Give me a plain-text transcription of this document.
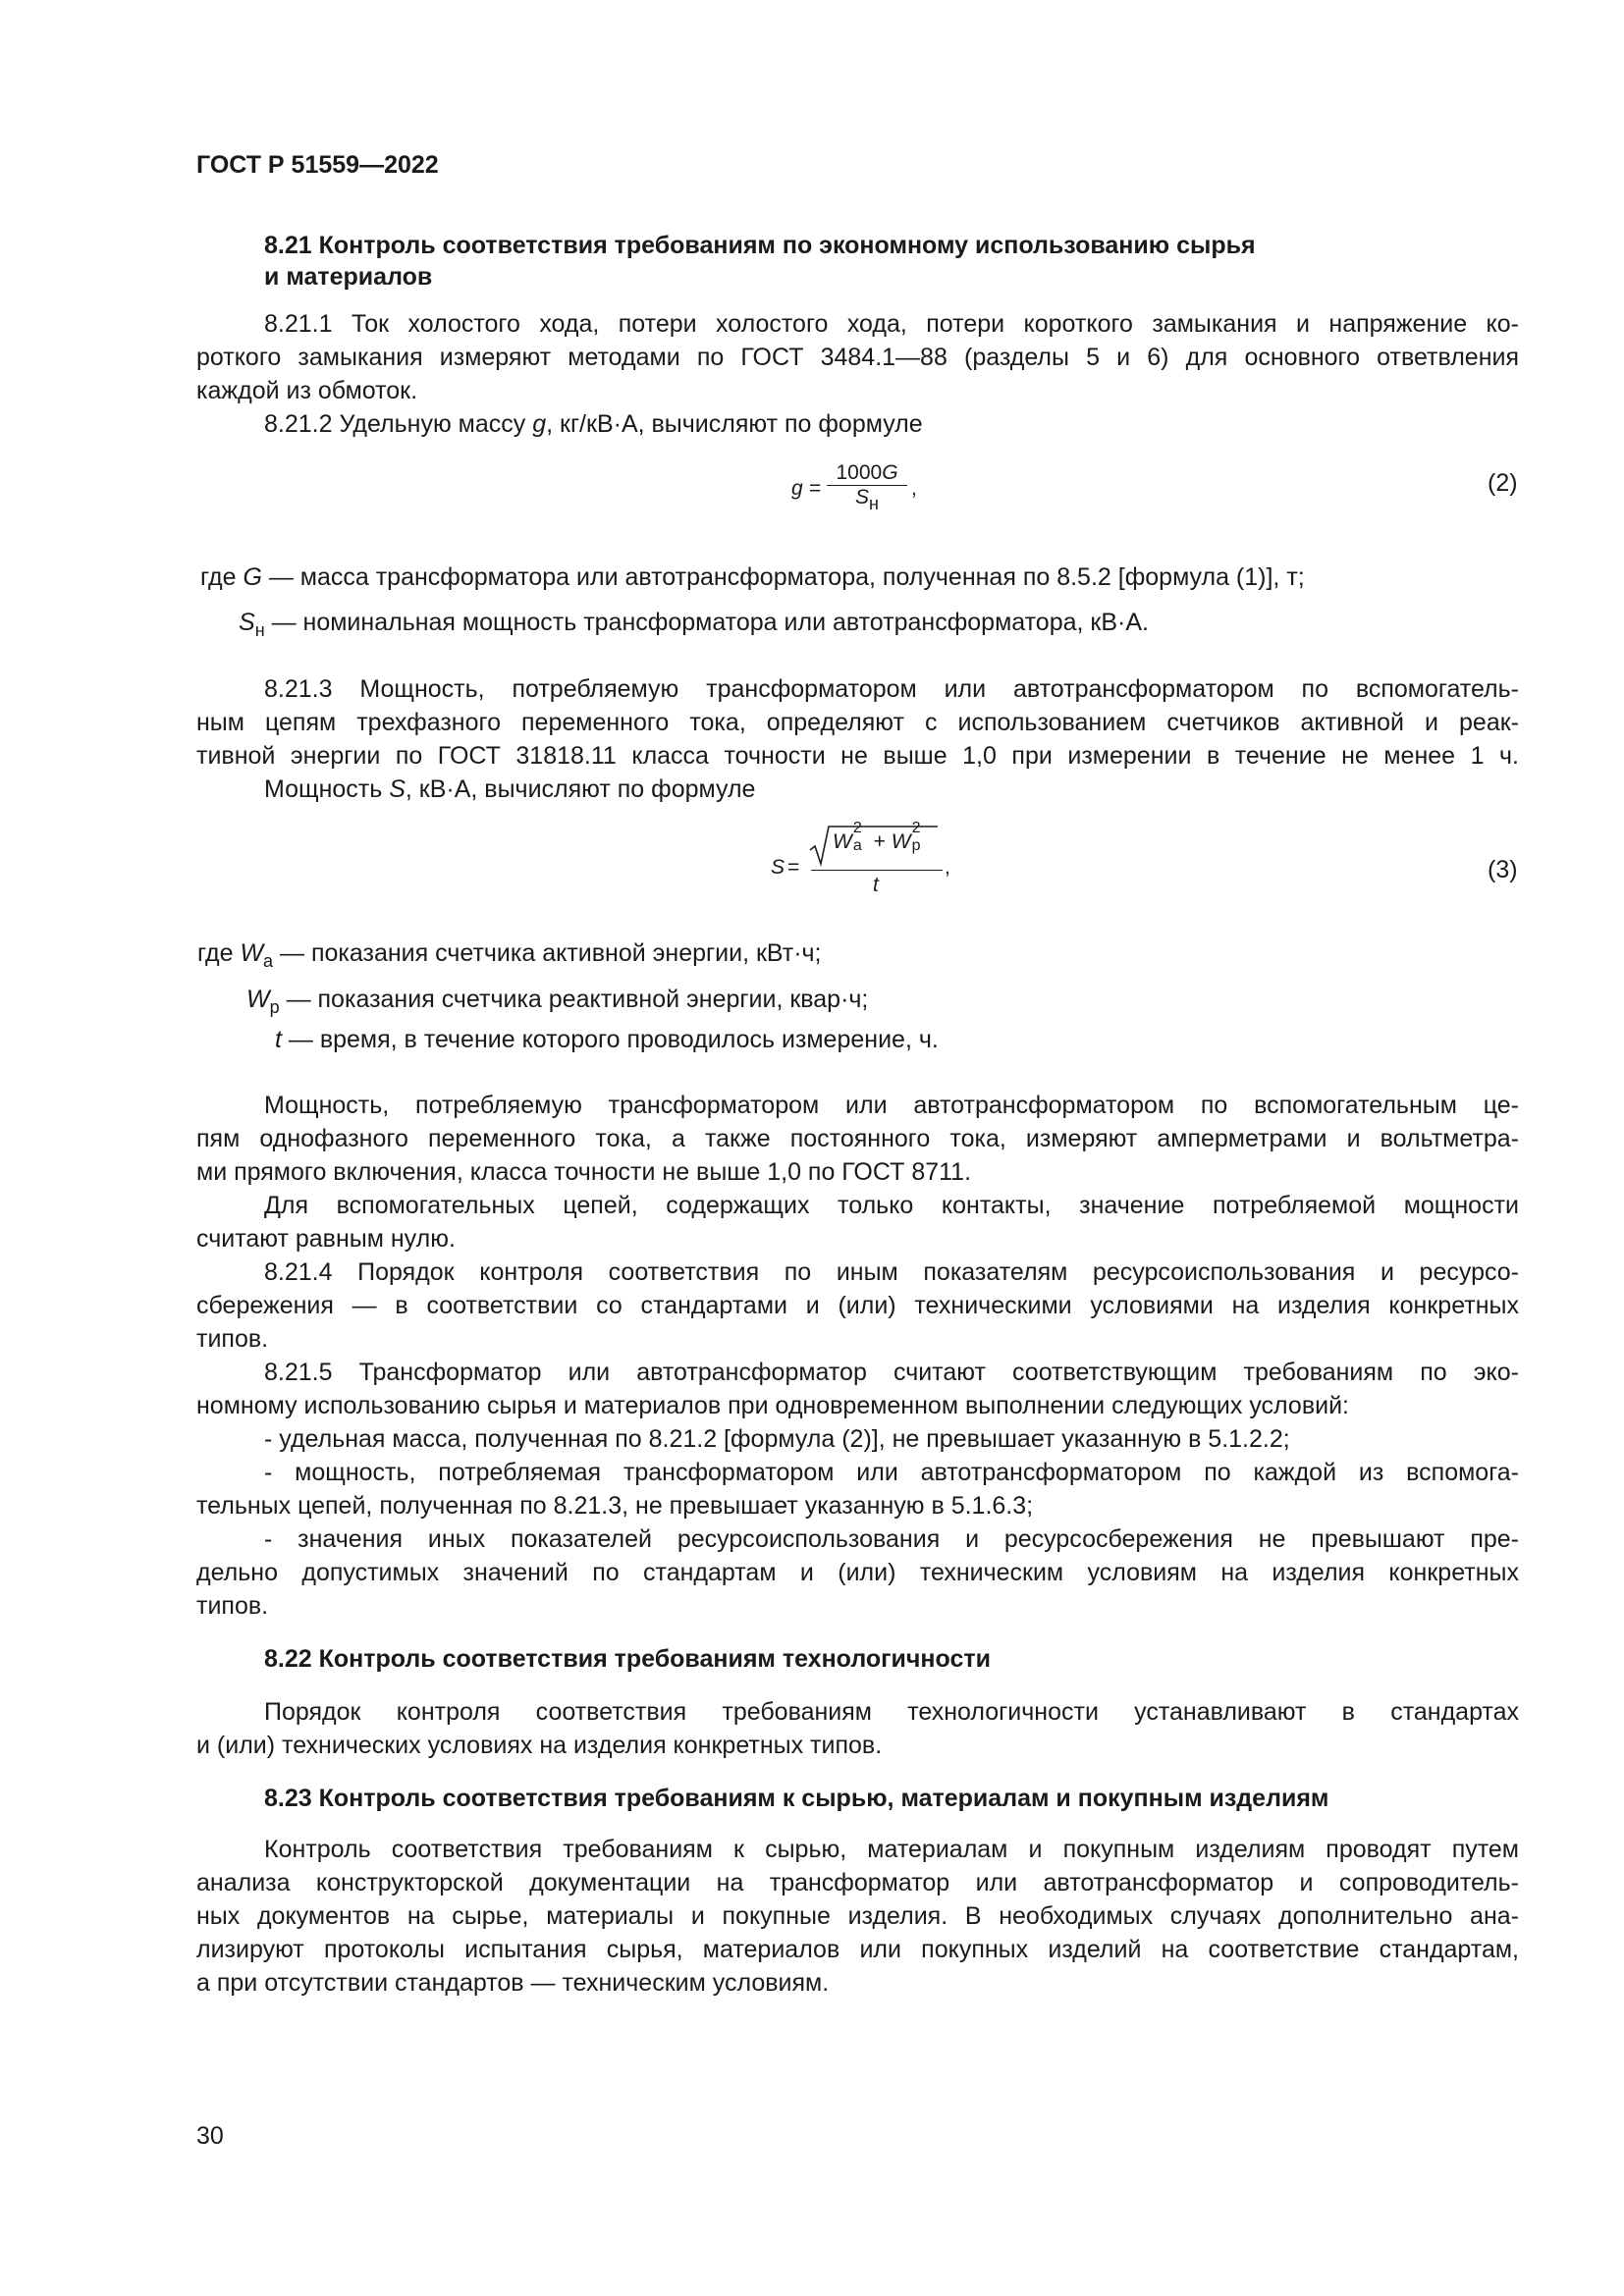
ГОСТ Р 51559—2022
8.21 Контроль соответствия требованиям по экономному использованию сырья
и материалов
8.21.1 Ток холостого хода, потери холостого хода, потери короткого замыкания и напряжение ко-
роткого замыкания измеряют методами по ГОСТ 3484.1—88 (разделы 5 и 6) для основного ответвления
каждой из обмоток.
8.21.2 Удельную массу g, кг/кВ·А, вычисляют по формуле
g =
1000G
$S_н$
,	(2)
где G — масса трансформатора или автотрансформатора, полученная по 8.5.2 [формула (1)], т;
$S_н$ — номинальная мощность трансформатора или автотрансформатора, кВ·А.
8.21.3 Мощность, потребляемую трансформатором или автотрансформатором по вспомогатель-
ным цепям трехфазного переменного тока, определяют с использованием счетчиков активной и реак-
тивной энергии по ГОСТ 31818.11 класса точности не выше 1,0 при измерении в течение не менее 1 ч.
Мощность S, кВ·А, вычисляют по формуле
S =
W
2
а + W
2
р

t
,	(3)
где $W_а$ — показания счетчика активной энергии, кВт·ч;
$W_р$ — показания счетчика реактивной энергии, квар·ч;
t — время, в течение которого проводилось измерение, ч.
Мощность, потребляемую трансформатором или автотрансформатором по вспомогательным це-
пям однофазного переменного тока, а также постоянного тока, измеряют амперметрами и вольтметра-
ми прямого включения, класса точности не выше 1,0 по ГОСТ 8711.
Для вспомогательных цепей, содержащих только контакты, значение потребляемой мощности
считают равным нулю.
8.21.4 Порядок контроля соответствия по иным показателям ресурсоиспользования и ресурсо-
сбережения — в соответствии со стандартами и (или) техническими условиями на изделия конкретных
типов.
8.21.5 Трансформатор или автотрансформатор считают соответствующим требованиям по эко-
номному использованию сырья и материалов при одновременном выполнении следующих условий:
- удельная масса, полученная по 8.21.2 [формула (2)], не превышает указанную в 5.1.2.2;
- мощность, потребляемая трансформатором или автотрансформатором по каждой из вспомога-
тельных цепей, полученная по 8.21.3, не превышает указанную в 5.1.6.3;
- значения иных показателей ресурсоиспользования и ресурсосбережения не превышают пре-
дельно допустимых значений по стандартам и (или) техническим условиям на изделия конкретных
типов.
8.22 Контроль соответствия требованиям технологичности
Порядок контроля соответствия требованиям технологичности устанавливают в стандартах
и (или) технических условиях на изделия конкретных типов.
8.23 Контроль соответствия требованиям к сырью, материалам и покупным изделиям
Контроль соответствия требованиям к сырью, материалам и покупным изделиям проводят путем
анализа конструкторской документации на трансформатор или автотрансформатор и сопроводитель-
ных документов на сырье, материалы и покупные изделия. В необходимых случаях дополнительно ана-
лизируют протоколы испытания сырья, материалов или покупных изделий на соответствие стандартам,
а при отсутствии стандартов — техническим условиям.
30
